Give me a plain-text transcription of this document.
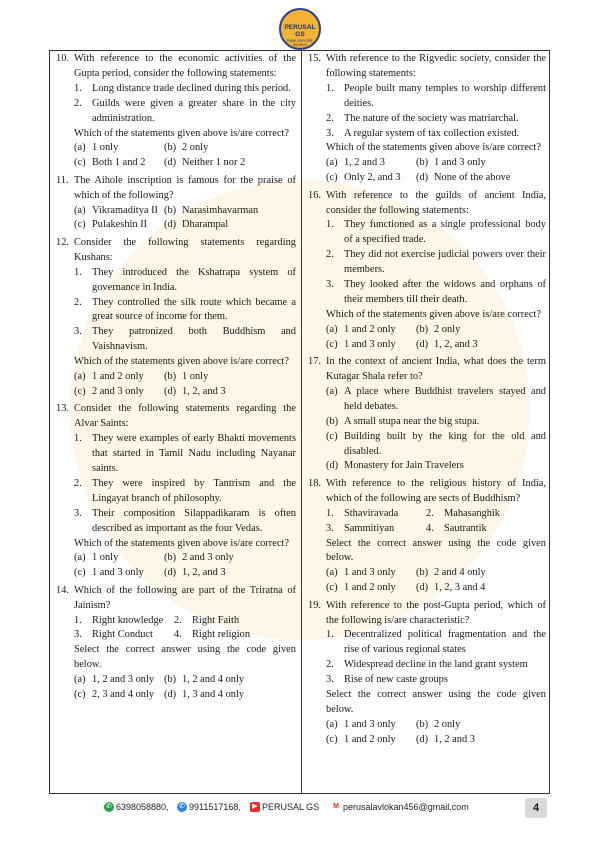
PERUSAL GS
THINK, EXPLORE, ACHIEVE
10. With reference to the economic activities of the Gupta period, consider the following statements:
1. Long distance trade declined during this period.
2. Guilds were given a greater share in the city administration.
Which of the statements given above is/are correct?
(a) 1 only	(b) 2 only
(c) Both 1 and 2	(d) Neither 1 nor 2
11. The Aihole inscription is famous for the praise of which of the following?
(a) Vikramaditya II (b) Narasimhavarman
(c) Pulakeshin II	(d) Dharampal
12. Consider the following statements regarding Kushans:
1. They introduced the Kshatrapa system of governance in India.
2. They controlled the silk route which became a great source of income for them.
3. They patronized both Buddhism and Vaishnavism.
Which of the statements given above is/are correct?
(a) 1 and 2 only	(b) 1 only
(c) 2 and 3 only	(d) 1, 2, and 3
13. Consider the following statements regarding the Alvar Saints:
1. They were examples of early Bhakti movements that started in Tamil Nadu including Nayanar saints.
2. They were inspired by Tantrism and the Lingayat branch of philosophy.
3. Their composition Silappadikaram is often described as important as the four Vedas.
Which of the statements given above is/are correct?
(a) 1 only	(b) 2 and 3 only
(c) 1 and 3 only	(d) 1, 2, and 3
14. Which of the following are part of the Triratna of Jainism?
1. Right knowledge	2. Right Faith
3. Right Conduct	4. Right religion
Select the correct answer using the code given below.
(a) 1, 2 and 3 only (b) 1, 2 and 4 only
(c) 2, 3 and 4 only (d) 1, 3 and 4 only
15. With reference to the Rigvedic society, consider the following statements:
1. People built many temples to worship different deities.
2. The nature of the society was matriarchal.
3. A regular system of tax collection existed.
Which of the statements given above is/are correct?
(a) 1, 2 and 3	(b) 1 and 3 only
(c) Only 2, and 3	(d) None of the above
16. With reference to the guilds of ancient India, consider the following statements:
1. They functioned as a single professional body of a specified trade.
2. They did not exercise judicial powers over their members.
3. They looked after the widows and orphans of their members till their death.
Which of the statements given above is/are correct?
(a) 1 and 2 only	(b) 2 only
(c) 1 and 3 only	(d) 1, 2, and 3
17. In the context of ancient India, what does the term Kutagar Shala refer to?
(a) A place where Buddhist travelers stayed and held debates.
(b) A small stupa near the big stupa.
(c) Building built by the king for the old and disabled.
(d) Monastery for Jain Travelers
18. With reference to the religious history of India, which of the following are sects of Buddhism?
1. Sthaviravada	2. Mahasanghik
3. Sammitiyan	4. Sautrantik
Select the correct answer using the code given below.
(a) 1 and 3 only	(b) 2 and 4 only
(c) 1 and 2 only	(d) 1, 2, 3 and 4
19. With reference to the post-Gupta period, which of the following is/are characteristic?
1. Decentralized political fragmentation and the rise of various regional states
2. Widespread decline in the land grant system
3. Rise of new caste groups
Select the correct answer using the code given below.
(a) 1 and 3 only	(b) 2 only
(c) 1 and 2 only	(d) 1, 2 and 3
✆ 6398058880, ✆ 9911517168,	▶ PERUSAL GS M perusalavlokan456@gmail.com	4
